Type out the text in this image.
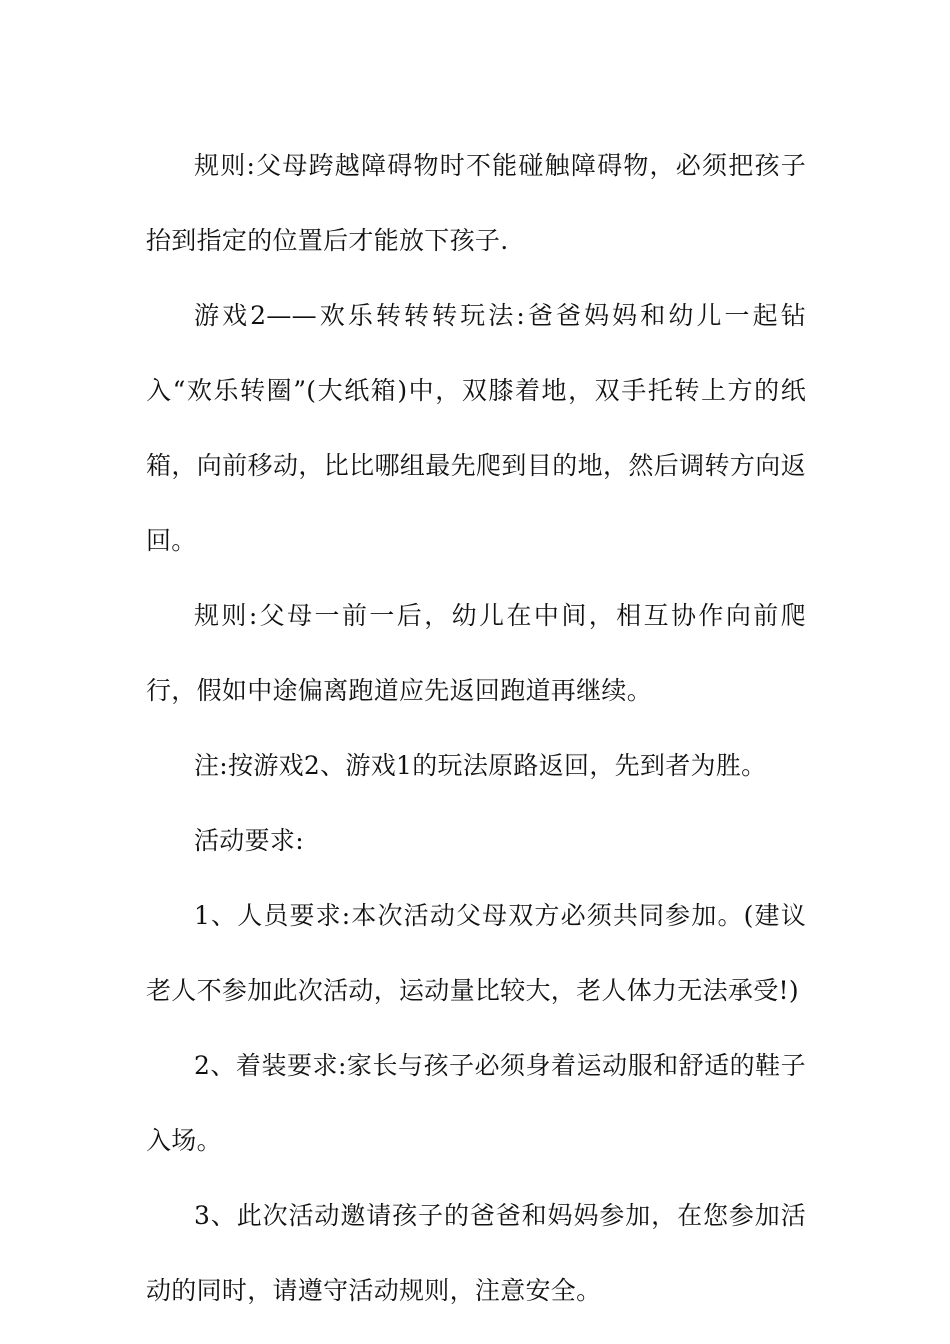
规则:父母跨越障碍物时不能碰触障碍物，必须把孩子抬到指定的位置后才能放下孩子.

游戏2——欢乐转转转玩法:爸爸妈妈和幼儿一起钻入“欢乐转圈”(大纸箱)中，双膝着地，双手托转上方的纸箱，向前移动，比比哪组最先爬到目的地，然后调转方向返回。

规则:父母一前一后，幼儿在中间，相互协作向前爬行，假如中途偏离跑道应先返回跑道再继续。

注:按游戏2、游戏1的玩法原路返回，先到者为胜。

活动要求:

1、人员要求:本次活动父母双方必须共同参加。(建议老人不参加此次活动，运动量比较大，老人体力无法承受!)

2、着装要求:家长与孩子必须身着运动服和舒适的鞋子入场。

3、此次活动邀请孩子的爸爸和妈妈参加，在您参加活动的同时，请遵守活动规则，注意安全。
